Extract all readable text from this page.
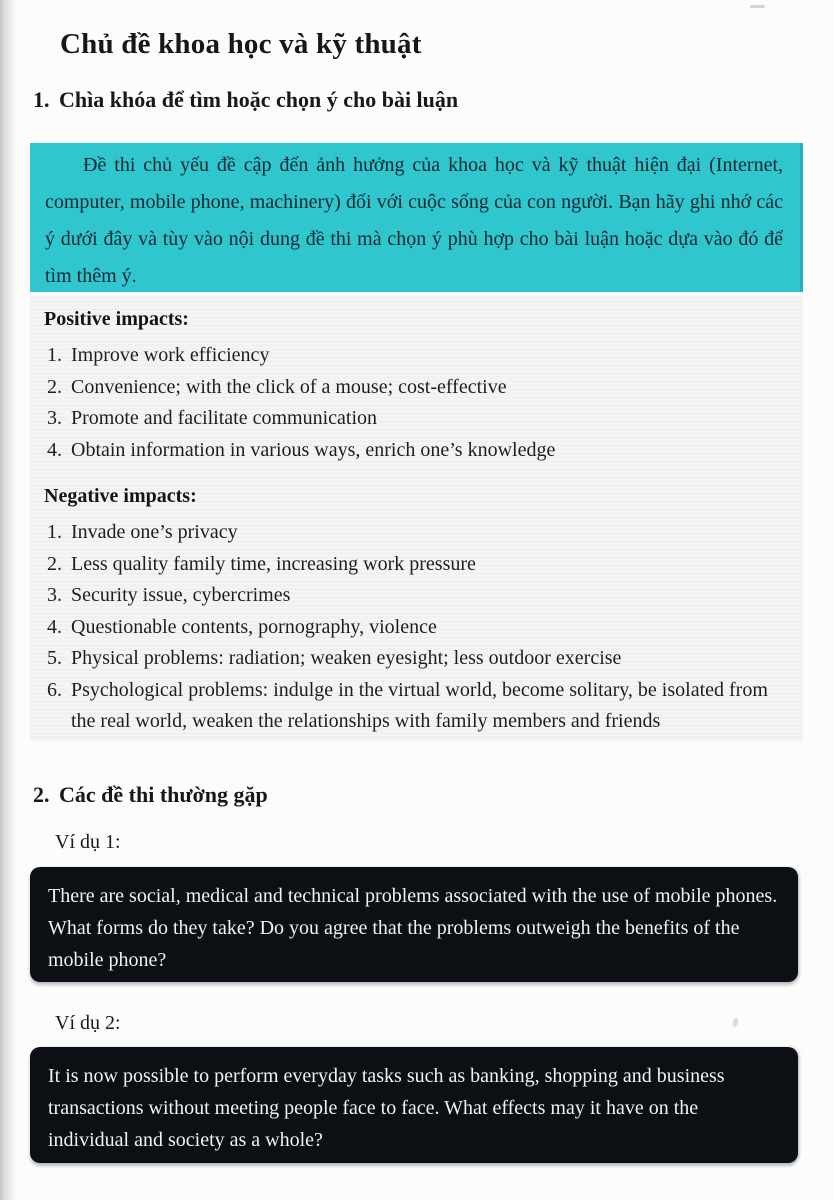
Chủ đề khoa học và kỹ thuật
1. Chìa khóa để tìm hoặc chọn ý cho bài luận
Đề thi chủ yếu đề cập đến ảnh hưởng của khoa học và kỹ thuật hiện đại (Internet, computer, mobile phone, machinery) đối với cuộc sống của con người. Bạn hãy ghi nhớ các ý dưới đây và tùy vào nội dung đề thi mà chọn ý phù hợp cho bài luận hoặc dựa vào đó để tìm thêm ý.
Positive impacts:
1. Improve work efficiency
2. Convenience; with the click of a mouse; cost-effective
3. Promote and facilitate communication
4. Obtain information in various ways, enrich one’s knowledge
Negative impacts:
1. Invade one’s privacy
2. Less quality family time, increasing work pressure
3. Security issue, cybercrimes
4. Questionable contents, pornography, violence
5. Physical problems: radiation; weaken eyesight; less outdoor exercise
6. Psychological problems: indulge in the virtual world, become solitary, be isolated from the real world, weaken the relationships with family members and friends
2. Các đề thi thường gặp
Ví dụ 1:
There are social, medical and technical problems associated with the use of mobile phones. What forms do they take? Do you agree that the problems outweigh the benefits of the mobile phone?
Ví dụ 2:
It is now possible to perform everyday tasks such as banking, shopping and business transactions without meeting people face to face. What effects may it have on the individual and society as a whole?
